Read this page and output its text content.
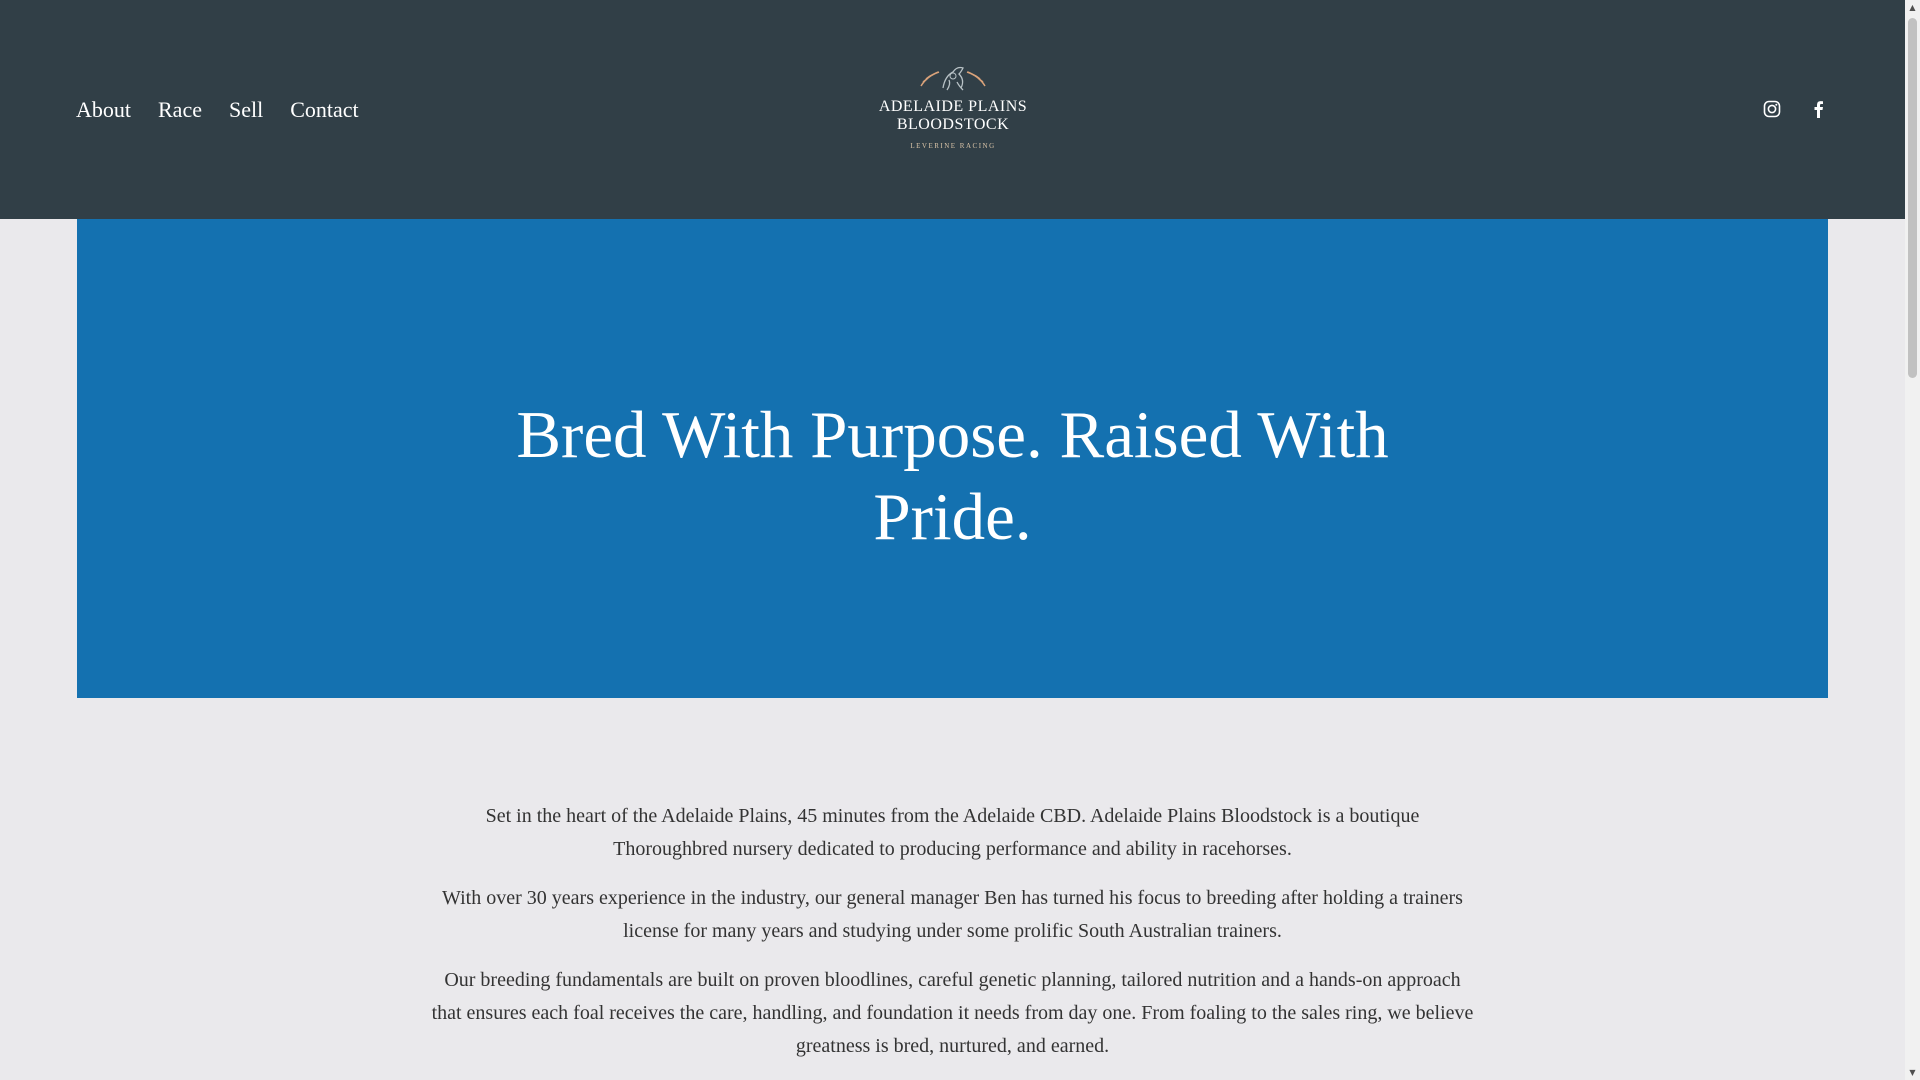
About Race Sell Contact	ADELAIDE PLAINS
BLOODSTOCK
LEVERINE RACING
Bred With Purpose. Raised With Pride.

Set in the heart of the Adelaide Plains, 45 minutes from the Adelaide CBD. Adelaide Plains Bloodstock is a boutique Thoroughbred nursery dedicated to producing performance and ability in racehorses.

With over 30 years experience in the industry, our general manager Ben has turned his focus to breeding after holding a trainers license for many years and studying under some prolific South Australian trainers.

Our breeding fundamentals are built on proven bloodlines, careful genetic planning, tailored nutrition and a hands-on approach that ensures each foal receives the care, handling, and foundation it needs from day one. From foaling to the sales ring, we believe greatness is bred, nurtured, and earned.

▲
▼
